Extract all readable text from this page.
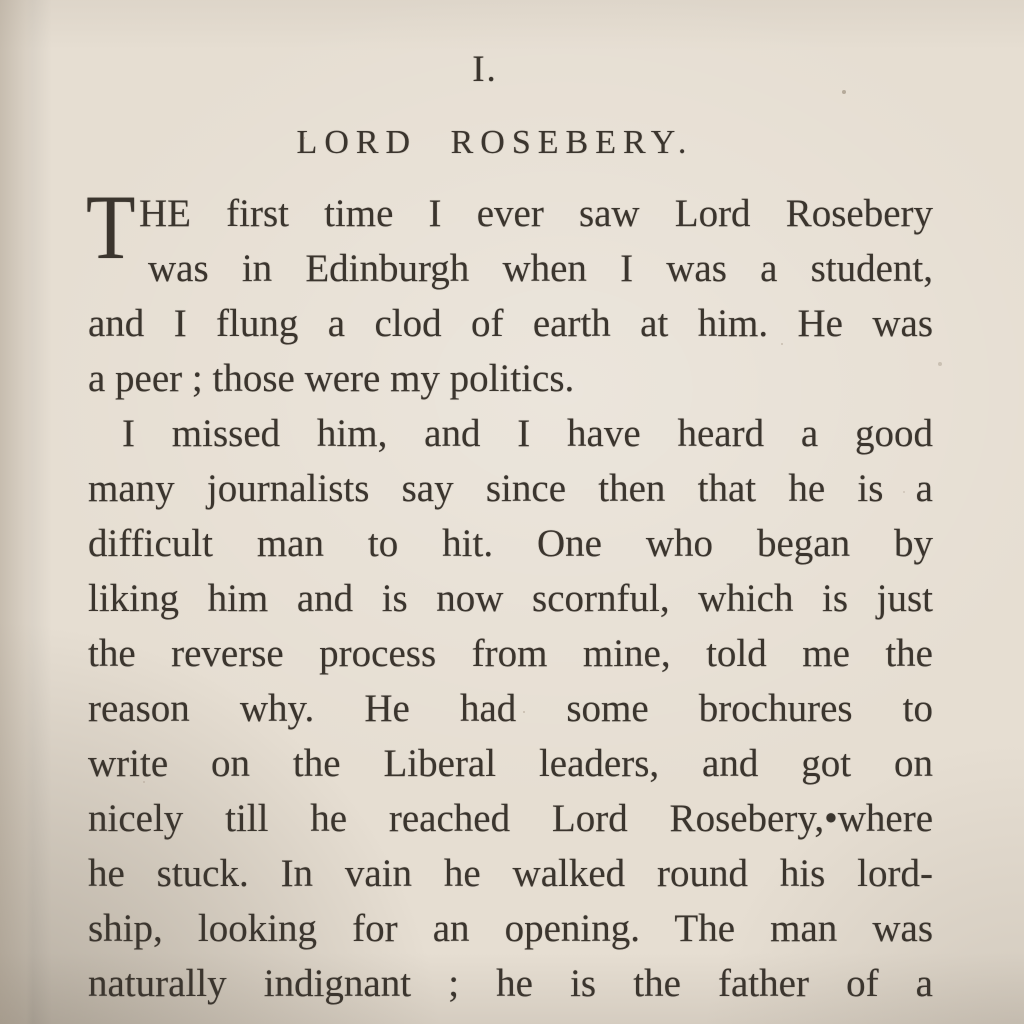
I.
LORD ROSEBERY.
T HE first time I ever saw Lord Rosebery
was in Edinburgh when I was a student,
and I flung a clod of earth at him. He was
a peer ; those were my politics.
I missed him, and I have heard a good
many journalists say since then that he is a
difficult man to hit. One who began by
liking him and is now scornful, which is just
the reverse process from mine, told me the
reason why. He had some brochures to
write on the Liberal leaders, and got on
nicely till he reached Lord Rosebery,•where
he stuck. In vain he walked round his lord-
ship, looking for an opening. The man was
naturally indignant ; he is the father of a
